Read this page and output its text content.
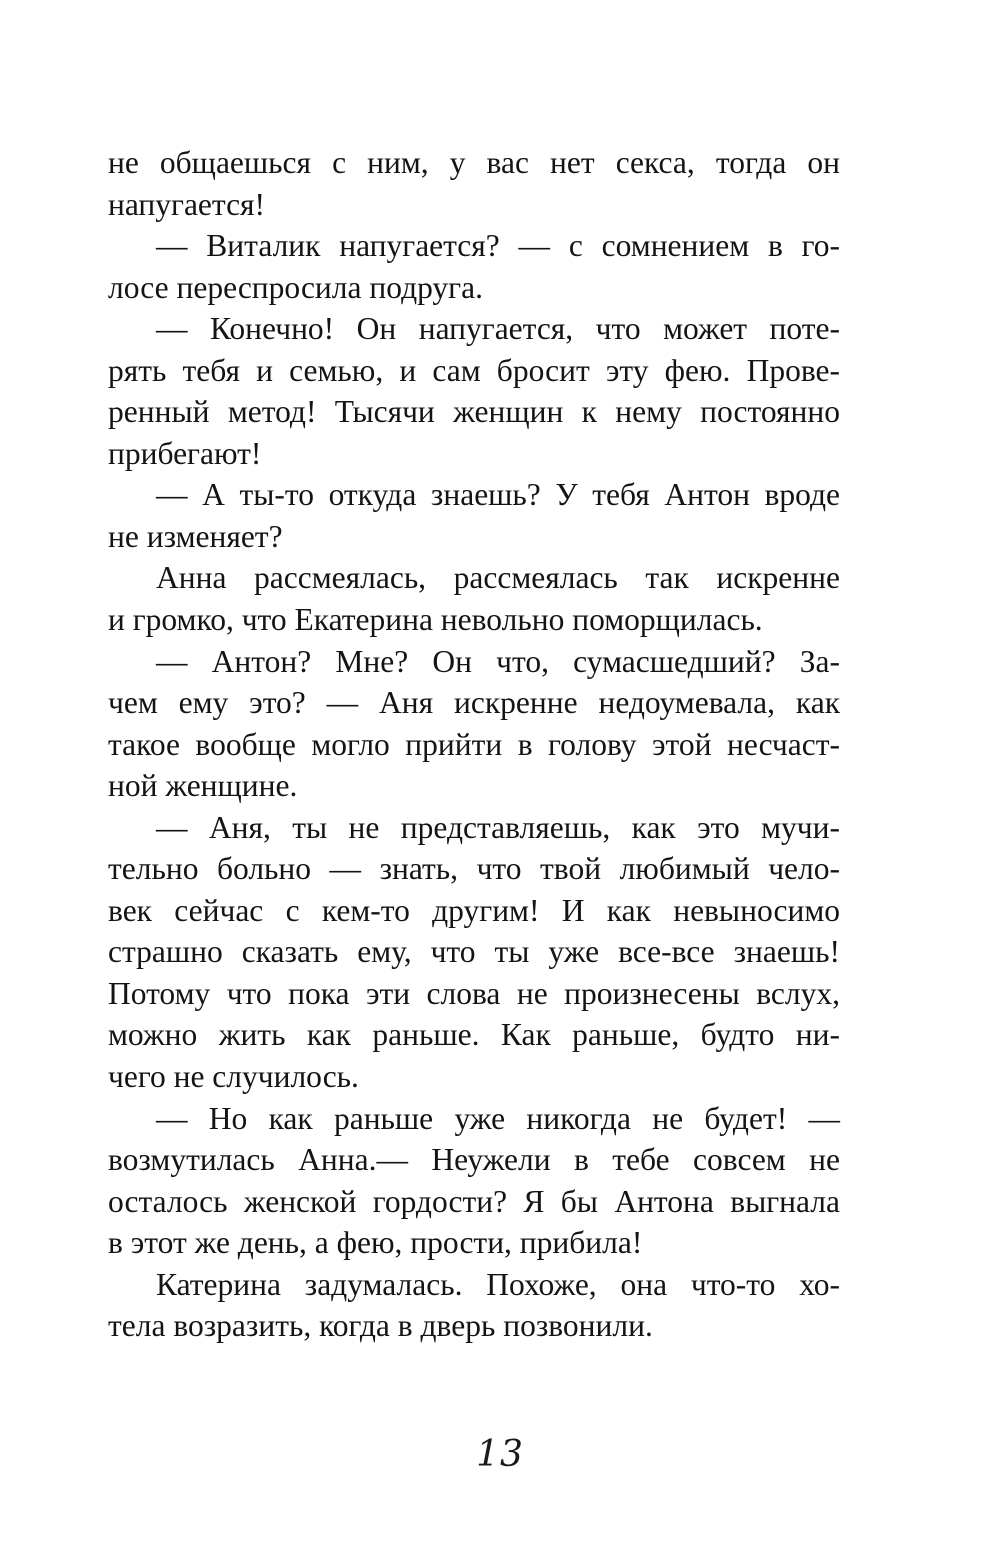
не общаешься с ним, у вас нет секса, тогда он
напугается!
— Виталик напугается? — с сомнением в го-
лосе переспросила подруга.
— Конечно! Он напугается, что может поте-
рять тебя и семью, и сам бросит эту фею. Прове-
ренный метод! Тысячи женщин к нему постоянно
прибегают!
— А ты-то откуда знаешь? У тебя Антон вроде
не изменяет?
Анна рассмеялась, рассмеялась так искренне
и громко, что Екатерина невольно поморщилась.
— Антон? Мне? Он что, сумасшедший? За-
чем ему это? — Аня искренне недоумевала, как
такое вообще могло прийти в голову этой несчаст-
ной женщине.
— Аня, ты не представляешь, как это мучи-
тельно больно — знать, что твой любимый чело-
век сейчас с кем-то другим! И как невыносимо
страшно сказать ему, что ты уже все-все знаешь!
Потому что пока эти слова не произнесены вслух,
можно жить как раньше. Как раньше, будто ни-
чего не случилось.
— Но как раньше уже никогда не будет! —
возмутилась Анна.— Неужели в тебе совсем не
осталось женской гордости? Я бы Антона выгнала
в этот же день, а фею, прости, прибила!
Катерина задумалась. Похоже, она что-то хо-
тела возразить, когда в дверь позвонили.
13
